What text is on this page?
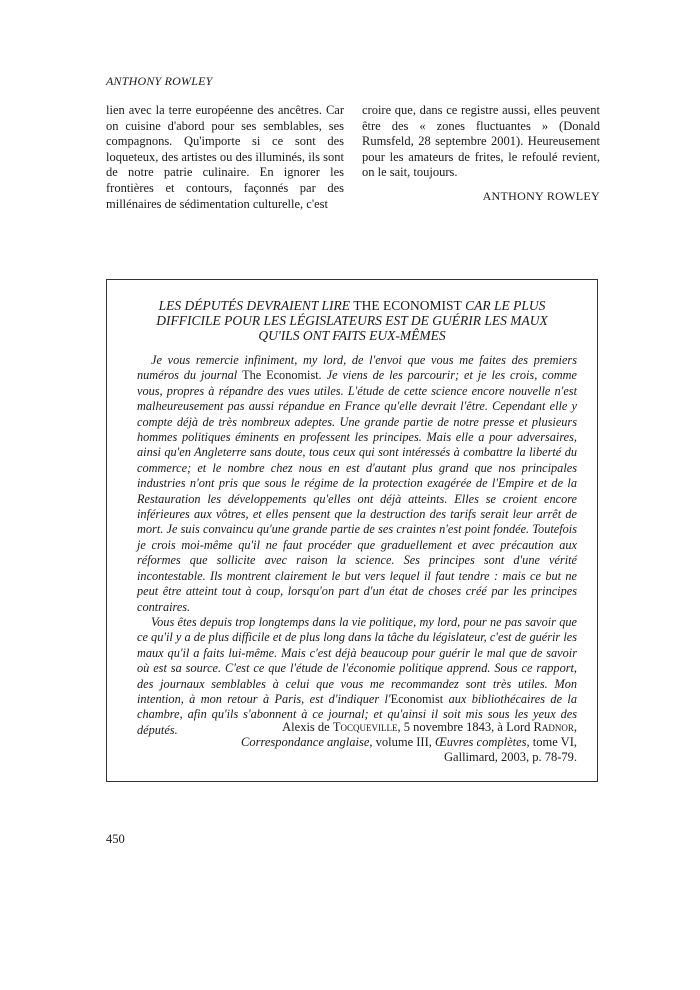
ANTHONY ROWLEY

lien avec la terre européenne des ancêtres. Car on cuisine d'abord pour ses semblables, ses compagnons. Qu'importe si ce sont des loqueteux, des artistes ou des illuminés, ils sont de notre patrie culinaire. En ignorer les frontières et contours, façonnés par des millénaires de sédimentation culturelle, c'est

croire que, dans ce registre aussi, elles peuvent être des « zones fluctuantes » (Donald Rumsfeld, 28 septembre 2001). Heureusement pour les amateurs de frites, le refoulé revient, on le sait, toujours.

ANTHONY ROWLEY

LES DÉPUTÉS DEVRAIENT LIRE THE ECONOMIST CAR LE PLUS DIFFICILE POUR LES LÉGISLATEURS EST DE GUÉRIR LES MAUX QU'ILS ONT FAITS EUX-MÊMES

Je vous remercie infiniment, my lord, de l'envoi que vous me faites des premiers numéros du journal The Economist. Je viens de les parcourir; et je les crois, comme vous, propres à répandre des vues utiles. L'étude de cette science encore nouvelle n'est malheureusement pas aussi répandue en France qu'elle devrait l'être. Cependant elle y compte déjà de très nombreux adeptes. Une grande partie de notre presse et plusieurs hommes politiques éminents en professent les principes. Mais elle a pour adversaires, ainsi qu'en Angleterre sans doute, tous ceux qui sont intéressés à combattre la liberté du commerce; et le nombre chez nous en est d'autant plus grand que nos principales industries n'ont pris que sous le régime de la protection exagérée de l'Empire et de la Restauration les développements qu'elles ont déjà atteints. Elles se croient encore inférieures aux vôtres, et elles pensent que la destruction des tarifs serait leur arrêt de mort. Je suis convaincu qu'une grande partie de ses craintes n'est point fondée. Toutefois je crois moi-même qu'il ne faut procéder que graduellement et avec précaution aux réformes que sollicite avec raison la science. Ses principes sont d'une vérité incontestable. Ils montrent clairement le but vers lequel il faut tendre : mais ce but ne peut être atteint tout à coup, lorsqu'on part d'un état de choses créé par les principes contraires.

Vous êtes depuis trop longtemps dans la vie politique, my lord, pour ne pas savoir que ce qu'il y a de plus difficile et de plus long dans la tâche du législateur, c'est de guérir les maux qu'il a faits lui-même. Mais c'est déjà beaucoup pour guérir le mal que de savoir où est sa source. C'est ce que l'étude de l'économie politique apprend. Sous ce rapport, des journaux semblables à celui que vous me recommandez sont très utiles. Mon intention, à mon retour à Paris, est d'indiquer l'Economist aux bibliothécaires de la chambre, afin qu'ils s'abonnent à ce journal; et qu'ainsi il soit mis sous les yeux des députés.	Alexis de Tocqueville, 5 novembre 1843, à Lord Radnor,
Correspondance anglaise, volume III, Œuvres complètes, tome VI,
Gallimard, 2003, p. 78-79.
450
